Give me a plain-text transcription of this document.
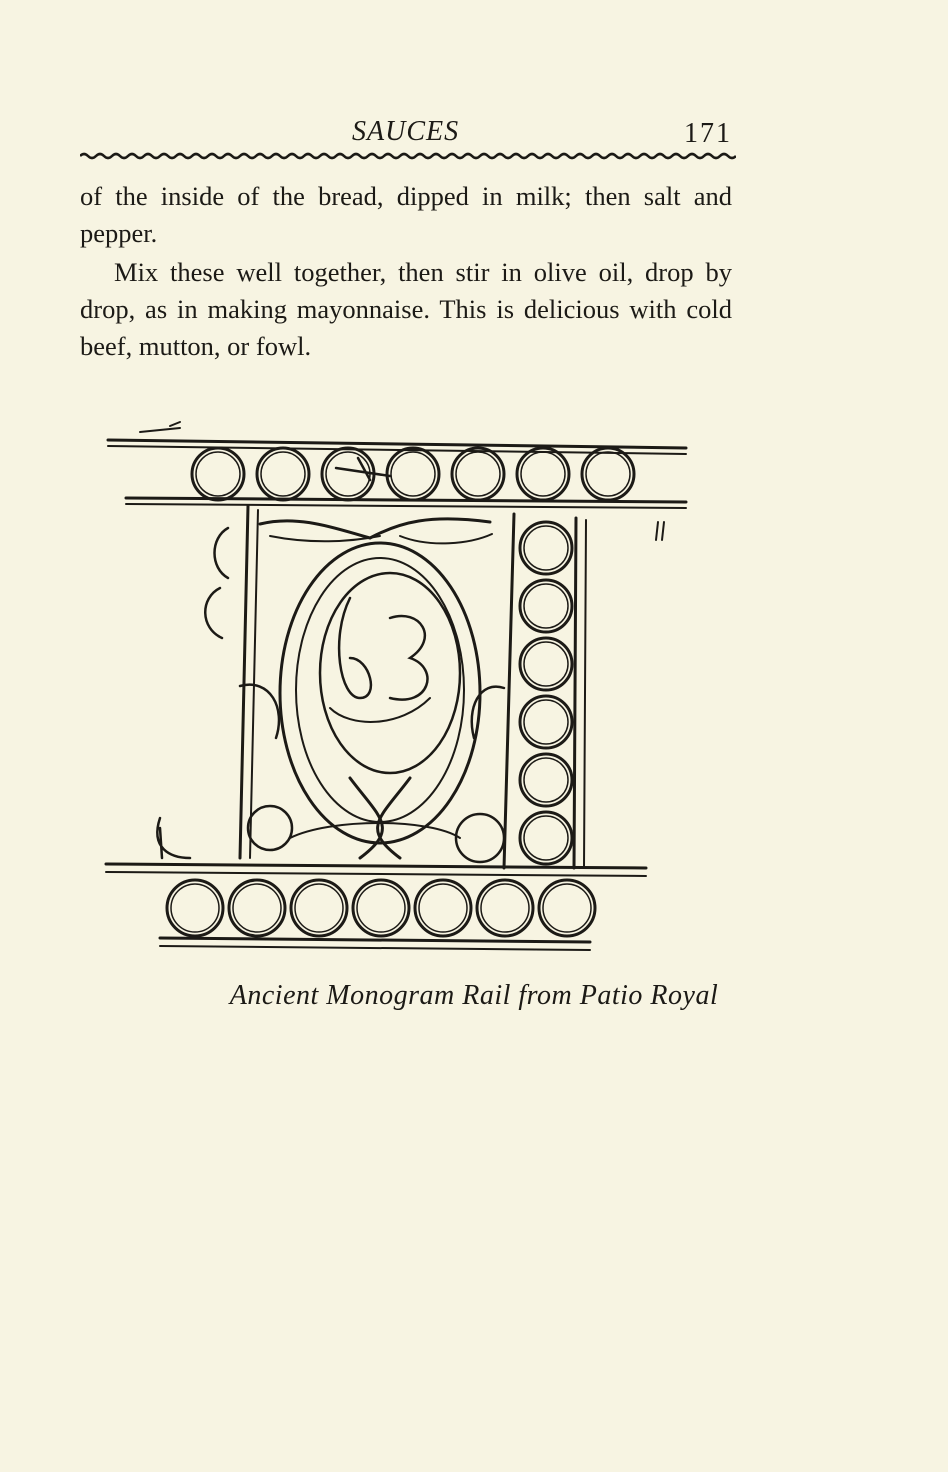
SAUCES	171

of the inside of the bread, dipped in milk; then salt and pepper.

Mix these well together, then stir in olive oil, drop by drop, as in making mayonnaise. This is delicious with cold beef, mutton, or fowl.

Ancient Monogram Rail from Patio Royal
